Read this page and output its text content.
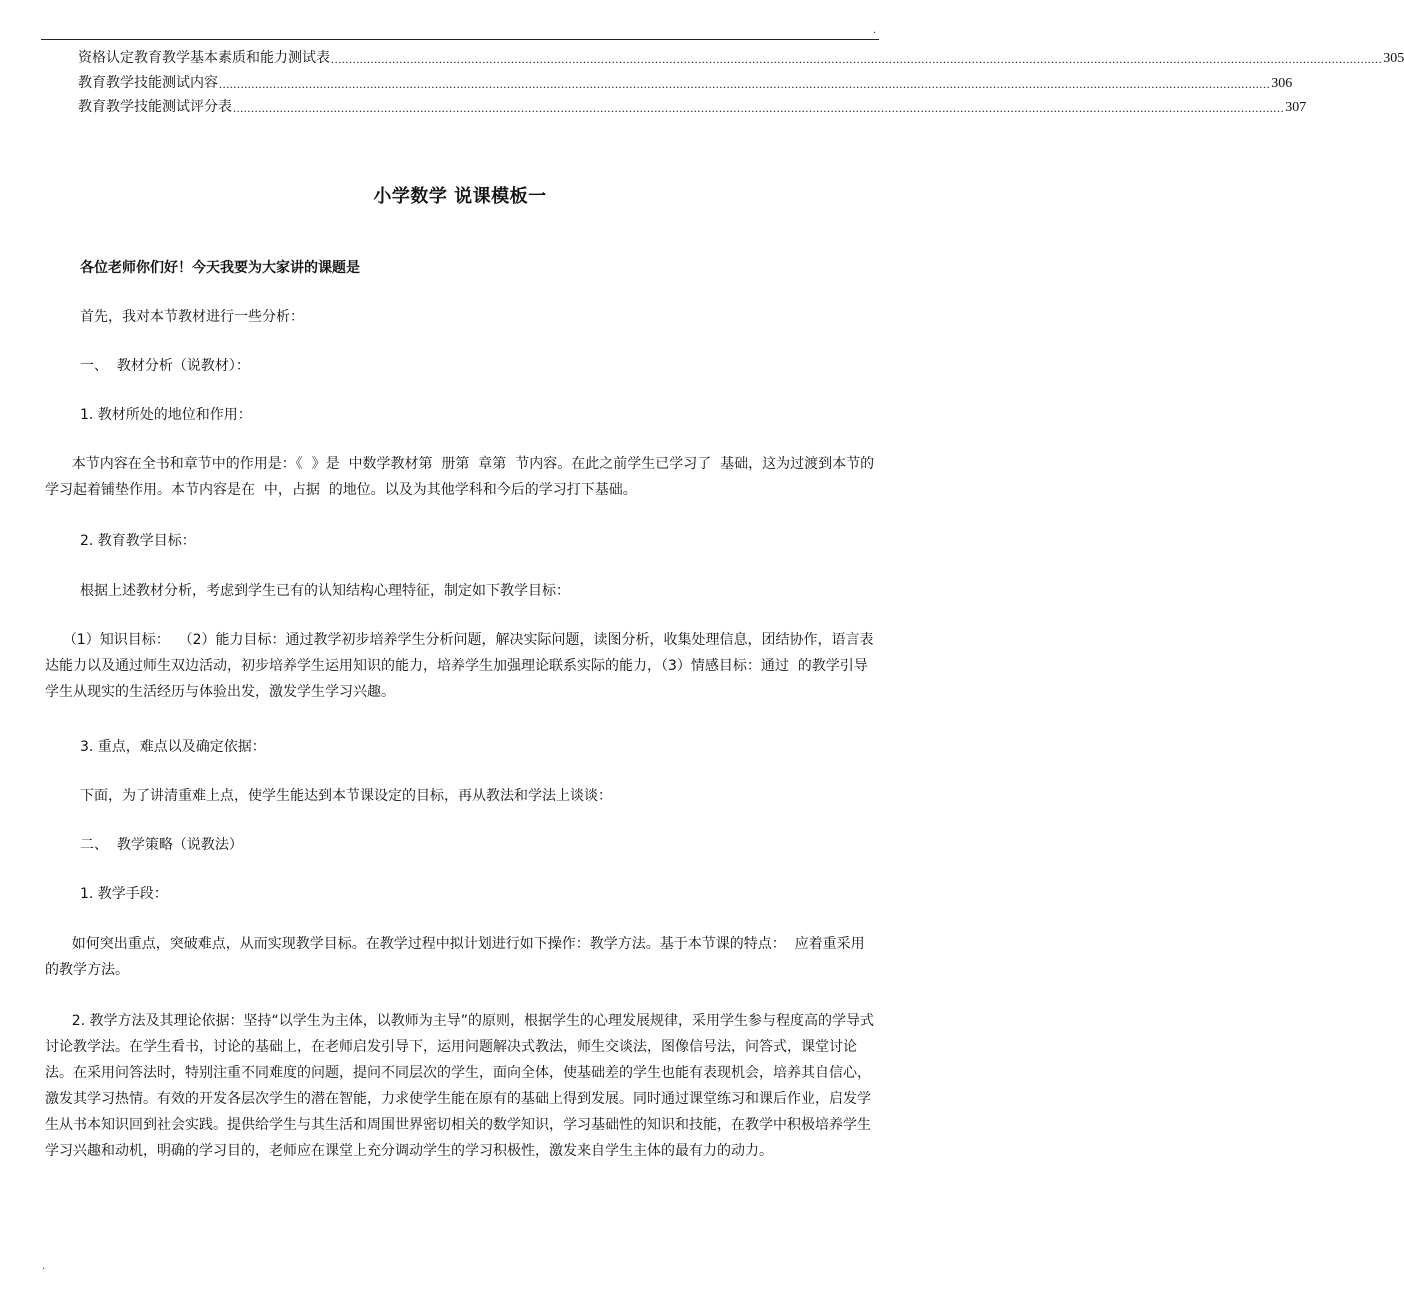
.
资格认定教育教学基本素质和能力测试表 .................................................................................................................................................................................................................................................................................................... 305
教育教学技能测试内容 .................................................................................................................................................................................................................................................................................................... 306
教育教学技能测试评分表 .................................................................................................................................................................................................................................................................................................... 307
小学数学 说课模板一

各位老师你们好！今天我要为大家讲的课题是

首先，我对本节教材进行一些分析：

一、  教材分析（说教材）：

1. 教材所处的地位和作用：

本节内容在全书和章节中的作用是：《  》是  中数学教材第  册第  章第  节内容。在此之前学生已学习了  基础，这为过渡到本节的学习起着铺垫作用。本节内容是在  中，占据  的地位。以及为其他学科和今后的学习打下基础。

2. 教育教学目标：

根据上述教材分析，考虑到学生已有的认知结构心理特征，制定如下教学目标：

（1）知识目标：  （2）能力目标：通过教学初步培养学生分析问题，解决实际问题，读图分析，收集处理信息，团结协作，语言表达能力以及通过师生双边活动，初步培养学生运用知识的能力，培养学生加强理论联系实际的能力，（3）情感目标：通过  的教学引导学生从现实的生活经历与体验出发，激发学生学习兴趣。

3. 重点，难点以及确定依据：

下面，为了讲清重难上点，使学生能达到本节课设定的目标，再从教法和学法上谈谈：

二、  教学策略（说教法）

1. 教学手段：

如何突出重点，突破难点，从而实现教学目标。在教学过程中拟计划进行如下操作：教学方法。基于本节课的特点：  应着重采用  的教学方法。

2. 教学方法及其理论依据：坚持“以学生为主体，以教师为主导”的原则，根据学生的心理发展规律，采用学生参与程度高的学导式讨论教学法。在学生看书，讨论的基础上，在老师启发引导下，运用问题解决式教法，师生交谈法，图像信号法，问答式，课堂讨论法。在采用问答法时，特别注重不同难度的问题，提问不同层次的学生，面向全体，使基础差的学生也能有表现机会，培养其自信心，激发其学习热情。有效的开发各层次学生的潜在智能，力求使学生能在原有的基础上得到发展。同时通过课堂练习和课后作业，启发学生从书本知识回到社会实践。提供给学生与其生活和周围世界密切相关的数学知识，学习基础性的知识和技能，在教学中积极培养学生学习兴趣和动机，明确的学习目的，老师应在课堂上充分调动学生的学习积极性，激发来自学生主体的最有力的动力。

.
